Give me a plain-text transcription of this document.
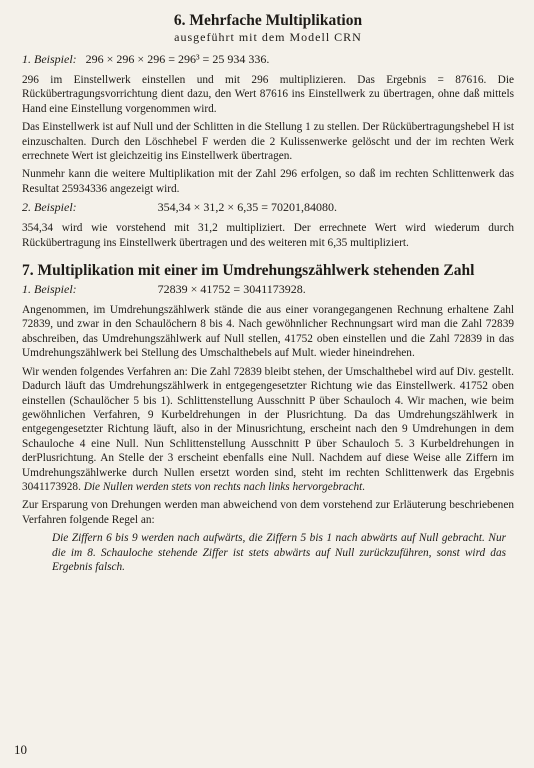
6. Mehrfache Multiplikation
ausgeführt mit dem Modell CRN
1. Beispiel: 296 × 296 × 296 = 296³ = 25 934 336.

296 im Einstellwerk einstellen und mit 296 multiplizieren. Das Ergebnis = 87616. Die Rückübertragungsvorrichtung dient dazu, den Wert 87616 ins Einstellwerk zu übertragen, ohne daß mittels Hand eine Einstellung vorgenommen wird.

Das Einstellwerk ist auf Null und der Schlitten in die Stellung 1 zu stellen. Der Rückübertragungshebel H ist einzuschalten. Durch den Löschhebel F werden die 2 Kulissenwerke gelöscht und der im rechten Werk errechnete Wert ist gleichzeitig ins Einstellwerk übertragen.

Nunmehr kann die weitere Multiplikation mit der Zahl 296 erfolgen, so daß im rechten Schlittenwerk das Resultat 25934336 angezeigt wird.

2. Beispiel:	354,34 × 31,2 × 6,35 = 70201,84080.

354,34 wird wie vorstehend mit 31,2 multipliziert. Der errechnete Wert wird wiederum durch Rückübertragung ins Einstellwerk übertragen und des weiteren mit 6,35 multipliziert.

7. Multiplikation mit einer im Umdrehungszählwerk stehenden Zahl
1. Beispiel:	72839 × 41752 = 3041173928.

Angenommen, im Umdrehungszählwerk stände die aus einer vorangegangenen Rechnung erhaltene Zahl 72839, und zwar in den Schaulöchern 8 bis 4. Nach gewöhnlicher Rechnungsart wird man die Zahl 72839 abschreiben, das Umdrehungszählwerk auf Null stellen, 41752 oben einstellen und die Zahl 72839 in das Umdrehungszählwerk bei Stellung des Umschalthebels auf Mult. wieder hineindrehen.

Wir wenden folgendes Verfahren an: Die Zahl 72839 bleibt stehen, der Umschalthebel wird auf Div. gestellt. Dadurch läuft das Umdrehungszählwerk in entgegengesetzter Richtung wie das Einstellwerk. 41752 oben einstellen (Schaulöcher 5 bis 1). Schlittenstellung Ausschnitt P über Schauloch 4. Wir machen, wie beim gewöhnlichen Verfahren, 9 Kurbeldrehungen in der Plusrichtung. Da das Umdrehungszählwerk in entgegengesetzter Richtung läuft, also in der Minusrichtung, erscheint nach den 9 Umdrehungen in dem Schauloche 4 eine Null. Nun Schlittenstellung Ausschnitt P über Schauloch 5. 3 Kurbeldrehungen in derPlusrichtung. An Stelle der 3 erscheint ebenfalls eine Null. Nachdem auf diese Weise alle Ziffern im Umdrehungszählwerke durch Nullen ersetzt worden sind, steht im rechten Schlittenwerk das Ergebnis 3041173928. Die Nullen werden stets von rechts nach links hervorgebracht.

Zur Ersparung von Drehungen werden man abweichend von dem vorstehend zur Erläuterung beschriebenen Verfahren folgende Regel an:

Die Ziffern 6 bis 9 werden nach aufwärts, die Ziffern 5 bis 1 nach abwärts auf Null gebracht. Nur die im 8. Schauloche stehende Ziffer ist stets abwärts auf Null zurückzuführen, sonst wird das Ergebnis falsch.

10
